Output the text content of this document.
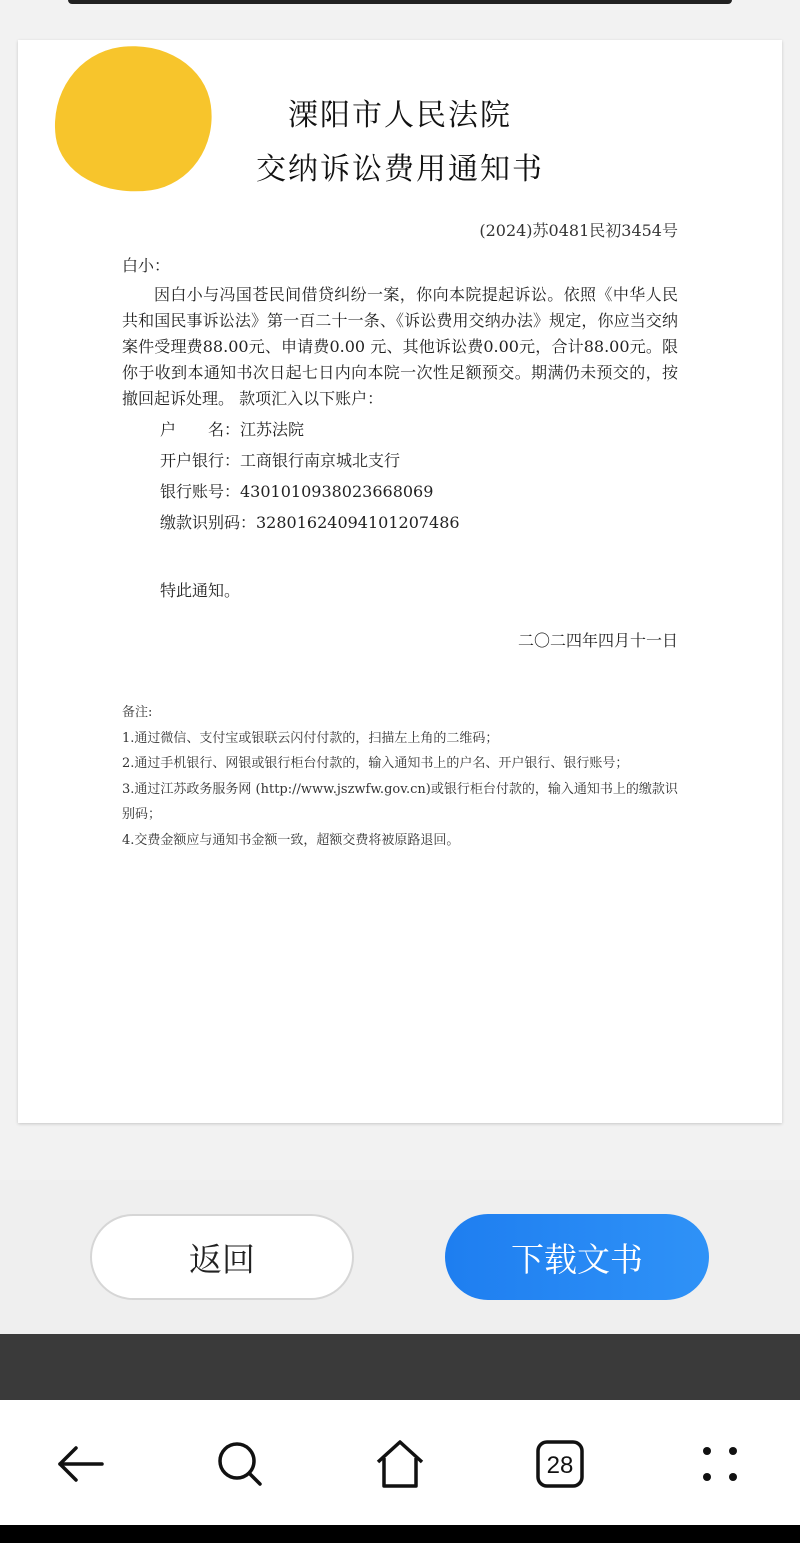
溧阳市人民法院
交纳诉讼费用通知书
(2024)苏0481民初3454号
白小：
因白小与冯国苍民间借贷纠纷一案，你向本院提起诉讼。依照《中华人民共和国民事诉讼法》第一百二十一条、《诉讼费用交纳办法》规定，你应当交纳案件受理费88.00元、申请费0.00 元、其他诉讼费0.00元，合计88.00元。限你于收到本通知书次日起七日内向本院一次性足额预交。期满仍未预交的，按撤回起诉处理。 款项汇入以下账户：
户　　名：江苏法院
开户银行：工商银行南京城北支行
银行账号：4301010938023668069
缴款识别码：3280162409410120748​6
特此通知。
二〇二四年四月十一日

备注:

1.通过微信、支付宝或银联云闪付付款的，扫描左上角的二维码；

2.通过手机银行、网银或银行柜台付款的，输入通知书上的户名、开户银行、银行账号；

3.通过江苏政务服务网 (http://www.jszwfw.gov.cn)或银行柜台付款的，输入通知书上的缴款识别码；

4.交费金额应与通知书金额一致，超额交费将被原路退回。

返回	下载文书
28
